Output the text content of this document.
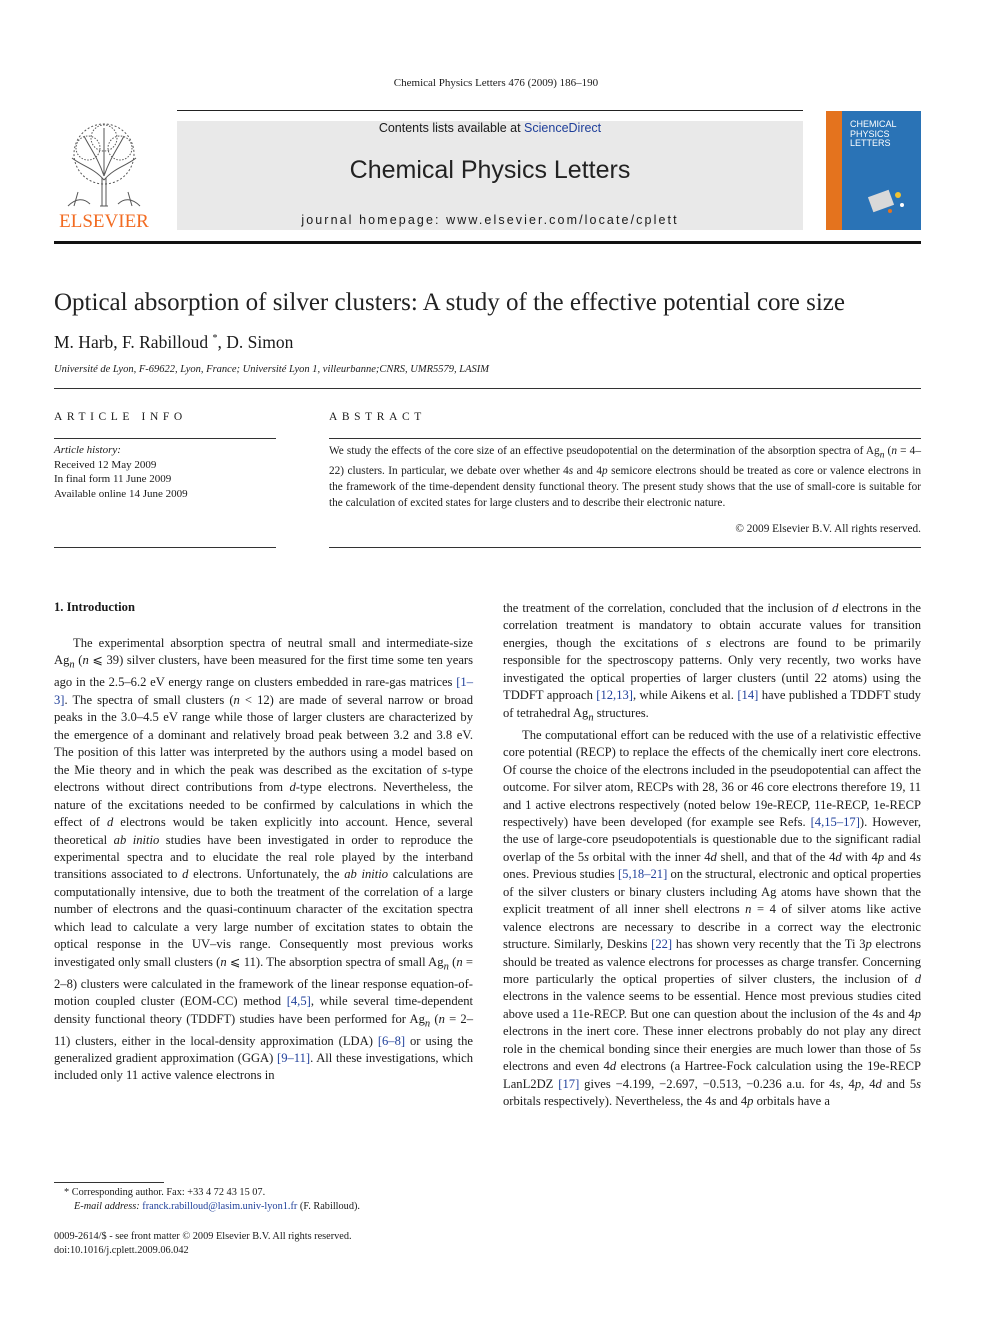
Chemical Physics Letters 476 (2009) 186–190
Contents lists available at ScienceDirect
Chemical Physics Letters
journal homepage: www.elsevier.com/locate/cplett
ELSEVIER
CHEMICAL PHYSICS LETTERS
Optical absorption of silver clusters: A study of the effective potential core size
M. Harb, F. Rabilloud *, D. Simon
Université de Lyon, F-69622, Lyon, France; Université Lyon 1, villeurbanne;CNRS, UMR5579, LASIM
ARTICLE INFO
Article history:
Received 12 May 2009
In final form 11 June 2009
Available online 14 June 2009
ABSTRACT
We study the effects of the core size of an effective pseudopotential on the determination of the absorption spectra of $Ag_n$ (n = 4–22) clusters. In particular, we debate over whether 4s and 4p semicore electrons should be treated as core or valence electrons in the framework of the time-dependent density functional theory. The present study shows that the use of small-core is suitable for the calculation of excited states for large clusters and to describe their electronic nature.
© 2009 Elsevier B.V. All rights reserved.
1. Introduction

The experimental absorption spectra of neutral small and intermediate-size $Ag_n$ (n ⩽ 39) silver clusters, have been measured for the first time some ten years ago in the 2.5–6.2 eV energy range on clusters embedded in rare-gas matrices [1–3]. The spectra of small clusters (n < 12) are made of several narrow or broad peaks in the 3.0–4.5 eV range while those of larger clusters are characterized by the emergence of a dominant and relatively broad peak between 3.2 and 3.8 eV. The position of this latter was interpreted by the authors using a model based on the Mie theory and in which the peak was described as the excitation of s-type electrons without direct contributions from d-type electrons. Nevertheless, the nature of the excitations needed to be confirmed by calculations in which the effect of d electrons would be taken explicitly into account. Hence, several theoretical ab initio studies have been investigated in order to reproduce the experimental spectra and to elucidate the real role played by the interband transitions associated to d electrons. Unfortunately, the ab initio calculations are computationally intensive, due to both the treatment of the correlation of a large number of electrons and the quasi-continuum character of the excitation spectra which lead to calculate a very large number of excitation states to obtain the optical response in the UV–vis range. Consequently most previous works investigated only small clusters (n ⩽ 11). The absorption spectra of small $Ag_n$ (n = 2–8) clusters were calculated in the framework of the linear response equation-of-motion coupled cluster (EOM-CC) method [4,5], while several time-dependent density functional theory (TDDFT) studies have been performed for $Ag_n$ (n = 2–11) clusters, either in the local-density approximation (LDA) [6–8] or using the generalized gradient approximation (GGA) [9–11]. All these investigations, which included only 11 active valence electrons in

the treatment of the correlation, concluded that the inclusion of d electrons in the correlation treatment is mandatory to obtain accurate values for transition energies, though the excitations of s electrons are found to be primarily responsible for the spectroscopy patterns. Only very recently, two works have investigated the optical properties of larger clusters (until 22 atoms) using the TDDFT approach [12,13], while Aikens et al. [14] have published a TDDFT study of tetrahedral $Ag_n$ structures.

The computational effort can be reduced with the use of a relativistic effective core potential (RECP) to replace the effects of the chemically inert core electrons. Of course the choice of the electrons included in the pseudopotential can affect the outcome. For silver atom, RECPs with 28, 36 or 46 core electrons therefore 19, 11 and 1 active electrons respectively (noted below 19e-RECP, 11e-RECP, 1e-RECP respectively) have been developed (for example see Refs. [4,15–17]). However, the use of large-core pseudopotentials is questionable due to the significant radial overlap of the 5s orbital with the inner 4d shell, and that of the 4d with 4p and 4s ones. Previous studies [5,18–21] on the structural, electronic and optical properties of the silver clusters or binary clusters including Ag atoms have shown that the explicit treatment of all inner shell electrons n = 4 of silver atoms like active valence electrons are necessary to describe in a correct way the electronic structure. Similarly, Deskins [22] has shown very recently that the Ti 3p electrons should be treated as valence electrons for processes as charge transfer. Concerning more particularly the optical properties of silver clusters, the inclusion of d electrons in the valence seems to be essential. Hence most previous studies cited above used a 11e-RECP. But one can question about the inclusion of the 4s and 4p electrons in the inert core. These inner electrons probably do not play any direct role in the chemical bonding since their energies are much lower than those of 5s electrons and even 4d electrons (a Hartree-Fock calculation using the 19e-RECP LanL2DZ [17] gives −4.199, −2.697, −0.513, −0.236 a.u. for 4s, 4p, 4d and 5s orbitals respectively). Nevertheless, the 4s and 4p orbitals have a

* Corresponding author. Fax: +33 4 72 43 15 07.
E-mail address: franck.rabilloud@lasim.univ-lyon1.fr (F. Rabilloud).
0009-2614/$ - see front matter © 2009 Elsevier B.V. All rights reserved.
doi:10.1016/j.cplett.2009.06.042
